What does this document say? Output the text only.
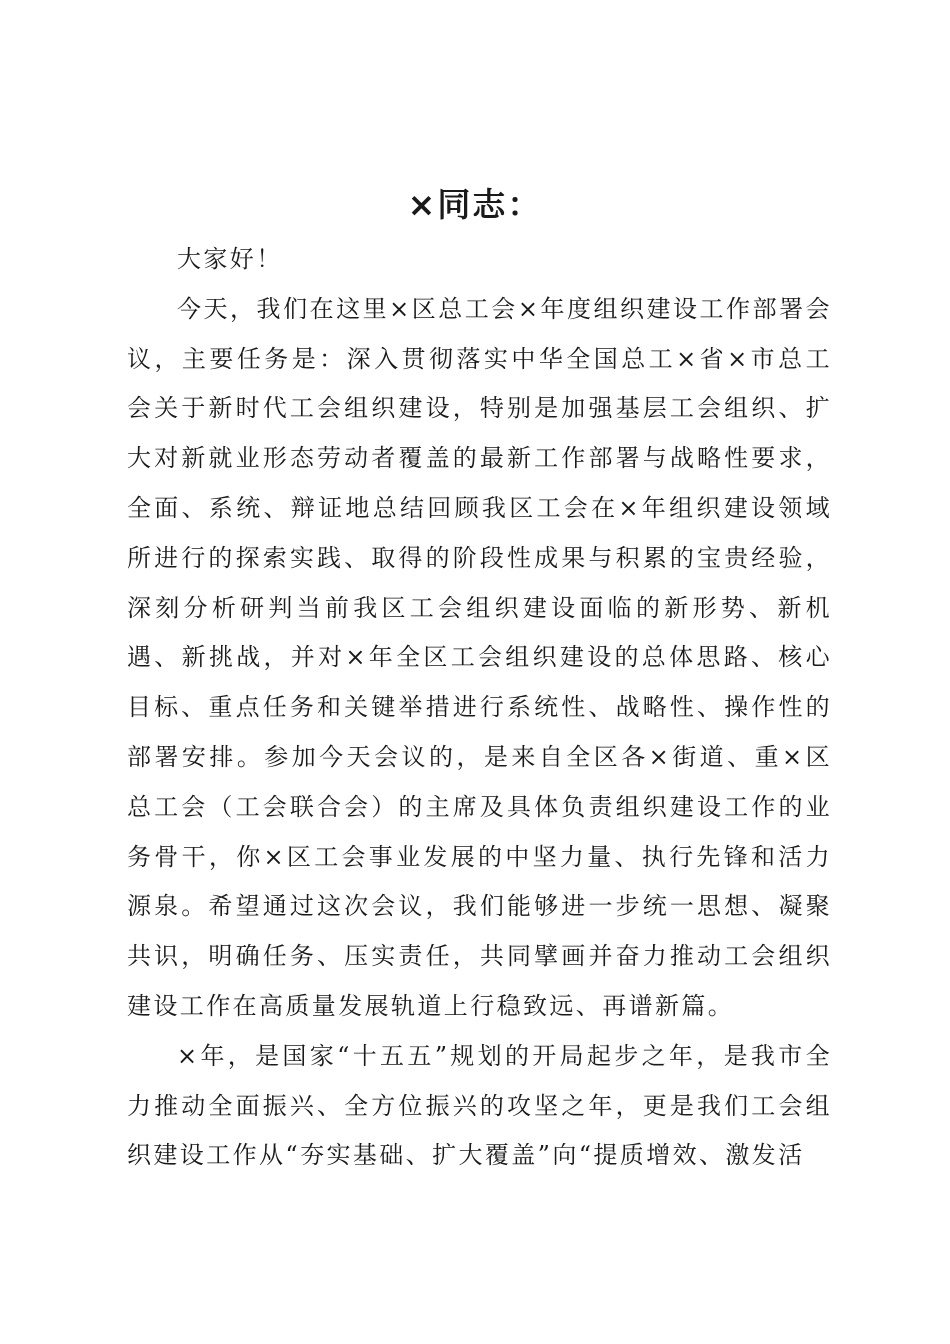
×同志：

大家好！

今天，我们在这里×区总工会×年度组织建设工作部署会议，主要任务是：深入贯彻落实中华全国总工×省×市总工会关于新时代工会组织建设，特别是加强基层工会组织、扩大对新就业形态劳动者覆盖的最新工作部署与战略性要求，全面、系统、辩证地总结回顾我区工会在×年组织建设领域所进行的探索实践、取得的阶段性成果与积累的宝贵经验，深刻分析研判当前我区工会组织建设面临的新形势、新机遇、新挑战，并对×年全区工会组织建设的总体思路、核心目标、重点任务和关键举措进行系统性、战略性、操作性的部署安排。参加今天会议的，是来自全区各×街道、重×区总工会（工会联合会）的主席及具体负责组织建设工作的业务骨干，你×区工会事业发展的中坚力量、执行先锋和活力源泉。希望通过这次会议，我们能够进一步统一思想、凝聚共识，明确任务、压实责任，共同擘画并奋力推动工会组织建设工作在高质量发展轨道上行稳致远、再谱新篇。

×年，是国家“十五五”规划的开局起步之年，是我市全力推动全面振兴、全方位振兴的攻坚之年，更是我们工会组织建设工作从“夯实基础、扩大覆盖”向“提质增效、激发活
